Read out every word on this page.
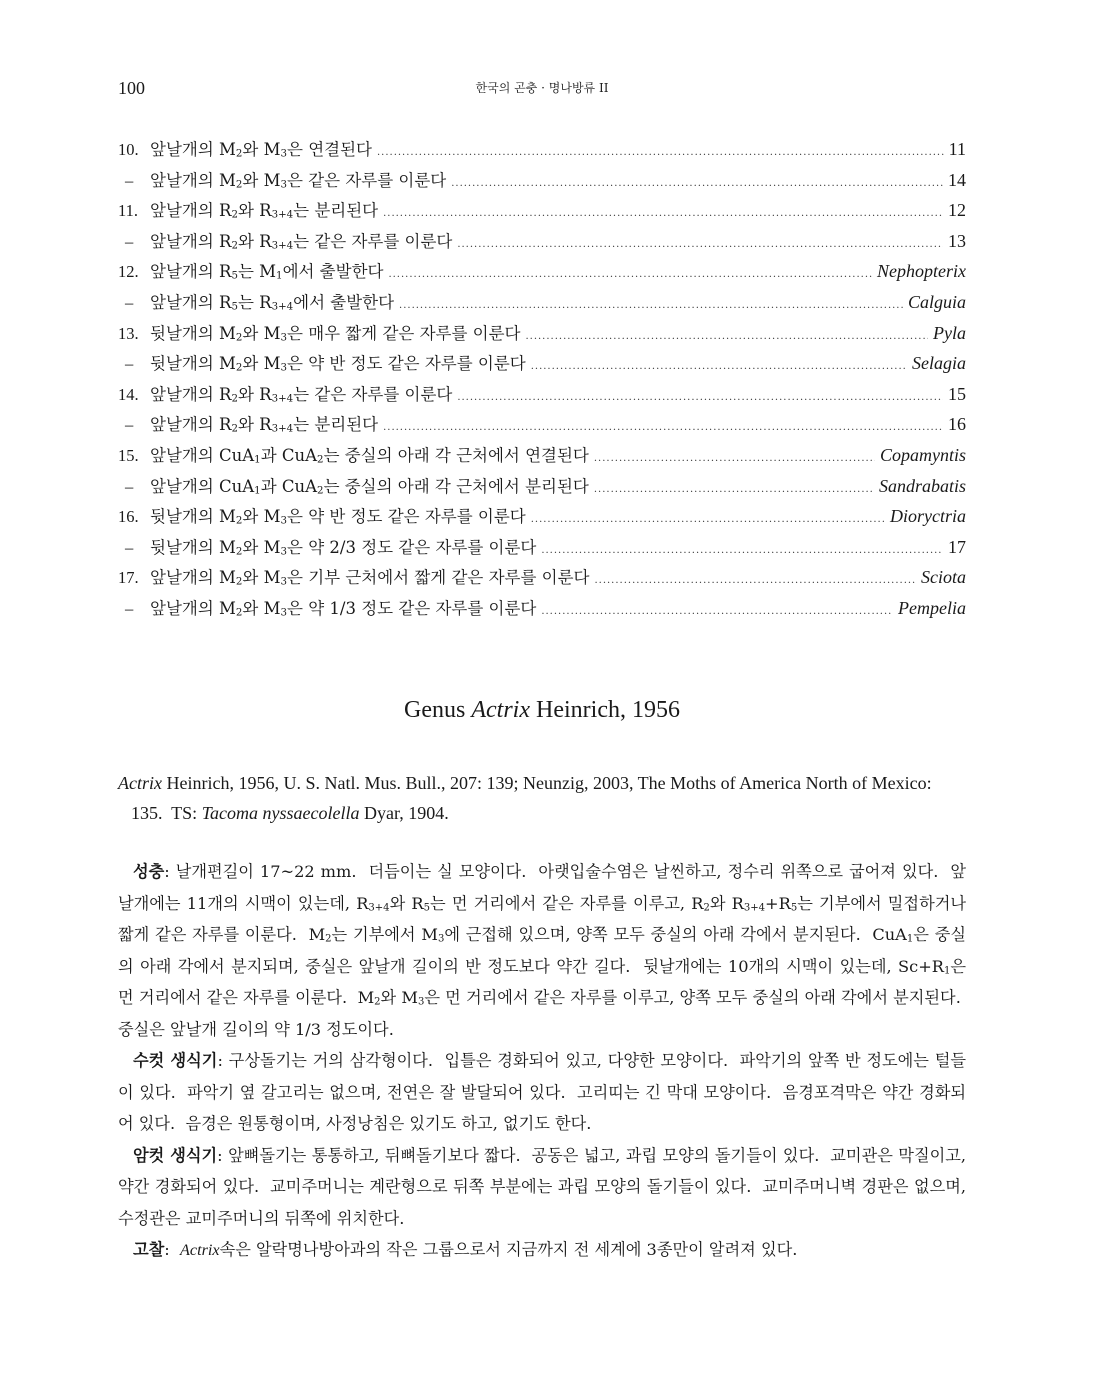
100	한국의 곤충 · 명나방류 II
10. 앞날개의 $M_2$와 $M_3$은 연결된다 .....	11
–	앞날개의 $M_2$와 $M_3$은 같은 자루를 이룬다 .....	14
11. 앞날개의 $R_2$와 $R_{3+4}$는 분리된다 .....	12
–	앞날개의 $R_2$와 $R_{3+4}$는 같은 자루를 이룬다 .....	13
12. 앞날개의 $R_5$는 $M_1$에서 출발한다 .....	Nephopterix
–	앞날개의 $R_5$는 $R_{3+4}$에서 출발한다 .....	Calguia
13. 뒷날개의 $M_2$와 $M_3$은 매우 짧게 같은 자루를 이룬다 .....	Pyla
–	뒷날개의 $M_2$와 $M_3$은 약 반 정도 같은 자루를 이룬다 .....	Selagia
14. 앞날개의 $R_2$와 $R_{3+4}$는 같은 자루를 이룬다 .....	15
–	앞날개의 $R_2$와 $R_{3+4}$는 분리된다 .....	16
15. 앞날개의 CuA$_1$과 CuA$_2$는 중실의 아래 각 근처에서 연결된다 .....	Copamyntis
–	앞날개의 CuA$_1$과 CuA$_2$는 중실의 아래 각 근처에서 분리된다 .....	Sandrabatis
16. 뒷날개의 $M_2$와 $M_3$은 약 반 정도 같은 자루를 이룬다 .....	Dioryctria
–	뒷날개의 $M_2$와 $M_3$은 약 2/3 정도 같은 자루를 이룬다 .....	17
17. 앞날개의 $M_2$와 $M_3$은 기부 근처에서 짧게 같은 자루를 이룬다 .....	Sciota
–	앞날개의 $M_2$와 $M_3$은 약 1/3 정도 같은 자루를 이룬다 .....	Pempelia
Genus Actrix Heinrich, 1956
Actrix Heinrich, 1956, U. S. Natl. Mus. Bull., 207: 139; Neunzig, 2003, The Moths of America North of Mexico: 135.  TS: Tacoma nyssaecolella Dyar, 1904.

성충: 날개편길이 17~22 mm.  더듬이는 실 모양이다.  아랫입술수염은 날씬하고, 정수리 위쪽으로 굽어져 있다.  앞날개에는 11개의 시맥이 있는데, $R_{3+4}$와 $R_5$는 먼 거리에서 같은 자루를 이루고, $R_2$와 $R_{3+4}+R_5$는 기부에서 밀접하거나 짧게 같은 자루를 이룬다.  $M_2$는 기부에서 $M_3$에 근접해 있으며, 양쪽 모두 중실의 아래 각에서 분지된다.  CuA$_1$은 중실의 아래 각에서 분지되며, 중실은 앞날개 길이의 반 정도보다 약간 길다.  뒷날개에는 10개의 시맥이 있는데, $Sc+R_1$은 먼 거리에서 같은 자루를 이룬다.  $M_2$와 $M_3$은 먼 거리에서 같은 자루를 이루고, 양쪽 모두 중실의 아래 각에서 분지된다.  중실은 앞날개 길이의 약 1/3 정도이다.

수컷 생식기: 구상돌기는 거의 삼각형이다.  입틀은 경화되어 있고, 다양한 모양이다.  파악기의 앞쪽 반 정도에는 털들이 있다.  파악기 옆 갈고리는 없으며, 전연은 잘 발달되어 있다.  고리띠는 긴 막대 모양이다.  음경포격막은 약간 경화되어 있다.  음경은 원통형이며, 사정낭침은 있기도 하고, 없기도 한다.

암컷 생식기: 앞뼈돌기는 통통하고, 뒤뼈돌기보다 짧다.  공동은 넓고, 과립 모양의 돌기들이 있다.  교미관은 막질이고, 약간 경화되어 있다.  교미주머니는 계란형으로 뒤쪽 부분에는 과립 모양의 돌기들이 있다.  교미주머니벽 경판은 없으며, 수정관은 교미주머니의 뒤쪽에 위치한다.

고찰:  Actrix속은 알락명나방아과의 작은 그룹으로서 지금까지 전 세계에 3종만이 알려져 있다.
